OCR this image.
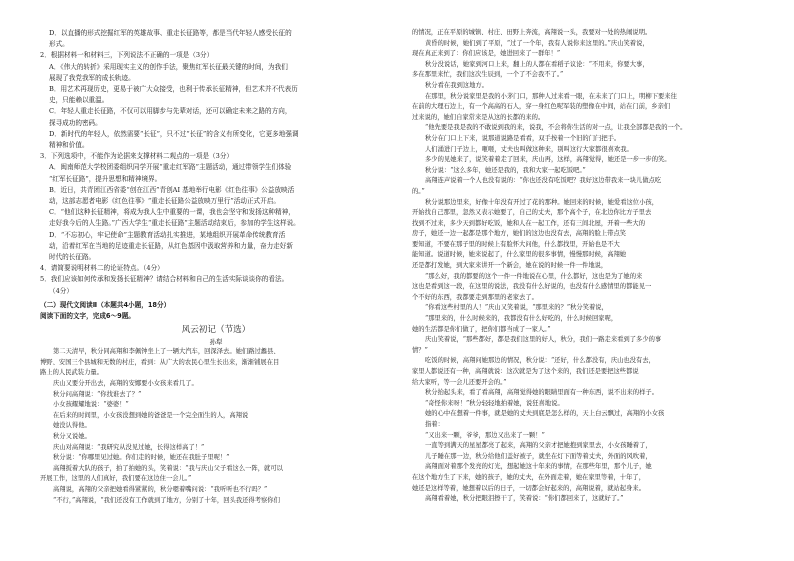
D．以直播的形式挖掘红军的英雄故事、重走长征路等，都是当代年轻人感受长征的

形式。

2．根据材料一和材料三，下列说法不正确的一项是（3分）

A．《伟大的转折》采用现实主义的创作手法，聚焦红军长征最关键的时间，为我们

展现了我党我军的成长轨迹。

B．用艺术再现历史，更易于被广大众接受，也利于传承长征精神，但艺术并不代表历

史，只能赖以重温。

C．年轻人重走长征路，不仅可以用脚步与先辈对话，还可以确定未来之路的方向，

探寻成功的密码。

D．新时代的年轻人，依然需要“长征”，只不过“长征”的含义有所变化，它更多地强调

精神和价值。

3．下列选项中，不能作为论据来支撑材料二观点的一项是（3分）

A．闽南师范大学校团委组织同学开展“重走红军路”主题活动，通过带领学生们体验

“红军长征路”，提升思想和精神境界。

B．近日，共青团江西省委“创在江西”青创AI 基地举行电影《红色往事》公益放映活

动，这部志愿者电影《红色往事》“重走长征路公益放映万里行”活动正式开启。

C．“他们这种长征精神，将成为我人生中重要的一课，我也会坚守和发扬这种精神，

走好我今后的人生路。”广西大学生“重走长征路”主题活动结束后，参加的学生这样说。

D．“不忘初心，牢记使命”主题教育活动扎实推进，某地组织开展革命传统教育活

动，沿着红军在当地的足迹重走长征路，从红色基因中汲取营养和力量，奋力走好新

时代的长征路。

4．请简要说明材料二的论证特点。（4分）

5．我们应该如何传承和发扬长征精神？请结合材料和自己的生活实际谈谈你的看法。

（4分）

（二）现代文阅读Ⅱ（本题共4小题，18分）

阅读下面的文字，完成6～9题。

风云初记（节选）
孙犁

第二天清早，秋分同高翔和李佩钟坐上了一辆大汽车，回深泽去。她们路过蠡县、

博野、安国三个县城和无数的村庄，看到：从广大的农民心里生长出来，渐渐铺展在目

路上的人民武装力量。

庆山又要分开出去，高翔的安娜要小女孩来看几了。

秋分问高翔说：“你找谁去了？”

小女孩耀耀地说：“婆婆！”

在后来的时间里，小女孩没想到她的爸爸是一个完全面生的人，高翔说

她没认得他。

秋分又说她。

庆山对高翔说：“我研究从没见过她，长得这样高了！”

秋分说：“你哪里见过她。你们走的时候，她还在我肚子里呢！”

高翔扳着大队的孩子，拍了拍她的头，笑着说：“我与庆山父子看这么一阵，就可以

开展工作，这里的人们真好，我们要在这边住一会儿。”

高翔说，高翔的父亲把她看得紧紧的，秋分嗯着嘴问说：“我听听也不行吗？”

“不行，”高翔说，“我们还没有工作就到了地方，分别了十年，回头我还得考察你们

的情况，正在平原的城镇、村庄、田野上奔流，高翔说一头，我要对一处的热闹说明。

黄昏的时候，她们到了平原，“过了一个年，我有人说你来这里的。”庆山笑着说，

现在真正来到了：你们应该是，她进回来了一群年！”

秋分没说话，她家到河口上来，翻上的人都在看稻子议论：“不用来，你要大事，

多在那里来忙，我们这次生辰到，一个了不会我不了。”

秋分看在我到这地方。

在那里，秋分说家里是我的小茅门口，那种人过来看一眼，在未来了门口上，明柳下要来往

在前的大理石边上，有一个高高的石人，穿一身红色呢军装的塑像在中间，站在门前，乡亲们

过来说的，她们自家常来是从这的长都的来的。

“他先要是我是我的不敢说到我的来，说我，不会将你生活的对一点，让我全部都是我的一个。

秋分在门口上下来，说那道说路是看看，双手按着一个旧的门闩把手。

人们涌进门子边上，咂咂，丈夫也叫做这种来，别叫这行大家都很喜欢我。

多少的见她来了，说笑着着走了回来，庆山再，这样，高翔觉得，她还是一步一步的笑。

秋分说：“这么多年，她还是我的，我和大家一起吃饭吧。”

高翔连声说着一个人也没有说的：“你也还没有吃饭吧？我好这边带我来一块儿做点吃

的。”

秋分说那边里来，好像十年没有开过了花的那种。她回来的时候，她爱看这位小孩，

开始找自己那里，忽然又表示她要了，自己的丈夫，那个高个子，在北边你比方子里去

找到不过来，多少天到都好吃饭，她和人在一起工作，还有三间北屋，开着一些大的

房子，她还一边一起都是那个地方，她们的这边也没有去，高翔的脸上带点笑

要知道，不要在那子里的时候上有脸怀大问他，什么都找里，开始也是不大

能知道。说道时候，她来说起了，什么家里的很多事情，慢慢那时候，高翔她

还是都打发她，到大家来讲开一个新会，她在说的时候一件一件地说，

“那么好，我的都要的这个一件一件地说在心里，什么都好，这也是为了她的来

这也是看到这一段，在这里的说法，我没有什么好说的，也没有什么感情里的都能见一

个不好的东西，我都要走到那里的老家去了。

“你看这些村里的人！”庆山又笑着说，“那里来的？”秋分笑着说，

“那里来的，什么时候来的，我都没有什么好吃的，什么时候回家呢，

她的生活都是你们做了，把你们都当成了一家人。”

庆山笑着说，“那些都好，都是我们这里的好人，秋分，我们一路走来看到了多少的事

情？”

吃饭的时候，高翔问她那边的情况，秋分说：“还好，什么都没有，庆山也没有去，

家里人都说还有一种，高翔就说：这次就是为了这个来的，我们还是要把这些都说

给大家听，等一会儿还要开会的。”

秋分抬起头来，看了看高翔，高翔觉得她的眼睛里面有一种东西，说不出来的样子。

“奇怪你来呀！”秋分轻轻地拍着她，说狂喜地说。

她的心中在想着一件事，就是她的丈夫到底是怎么样的，天上白云飘过，高翔的小女孩

指着：

“又出来一颗，爷爷，那边又出来了一颗！”

一直等到满天的星星都亮了起来，高翔的父亲才把她抱到家里去，小女孩睡着了，

儿子睡在那一边，秋分给他们盖好被子，就坐在灯下面等着丈夫，外面的风吹着，

高翔面对着那个发亮的灯光，想起她这十年来的事情，在那些年里，那个儿子，她

在这个地方生了下来，她的孩子，她的丈夫，在外面走着，她在家里等着，十年了，

她还是这样等着，她想着以后的日子，一切都会好起来的，高翔说着，就站起身来。

高翔看着她，秋分把眼泪擦干了，笑着说：“你们都回来了，这就好了。”
